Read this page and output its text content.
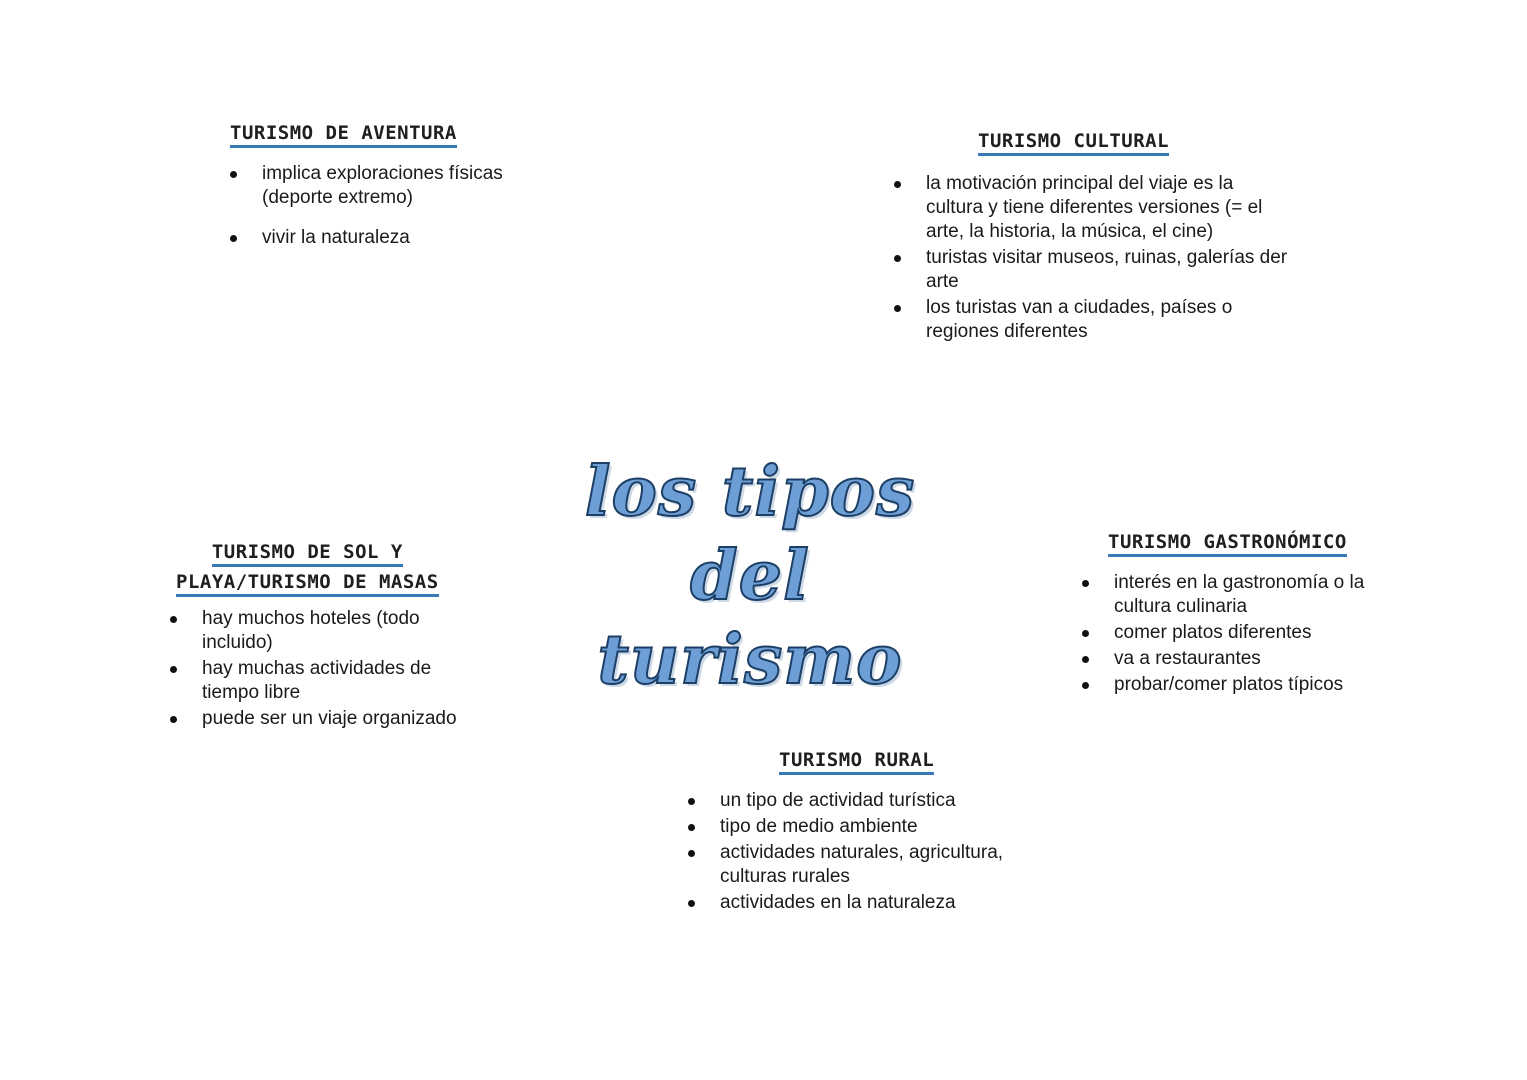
TURISMO DE AVENTURA
implica exploraciones físicas (deporte extremo)
vivir la naturaleza
TURISMO CULTURAL
la motivación principal del viaje es la cultura y tiene diferentes versiones (= el arte, la historia, la música, el cine)
turistas visitar museos, ruinas, galerías der arte
los turistas van a ciudades, países o regiones diferentes
los tipos del
turismo
TURISMO DE SOL Y
PLAYA/TURISMO DE MASAS
hay muchos hoteles (todo incluido)
hay muchas actividades de tiempo libre
puede ser un viaje organizado
TURISMO GASTRONÓMICO
interés en la gastronomía o la cultura culinaria
comer platos diferentes
va a restaurantes
probar/comer platos típicos
TURISMO RURAL
un tipo de actividad turística
tipo de medio ambiente
actividades naturales, agricultura, culturas rurales
actividades en la naturaleza
